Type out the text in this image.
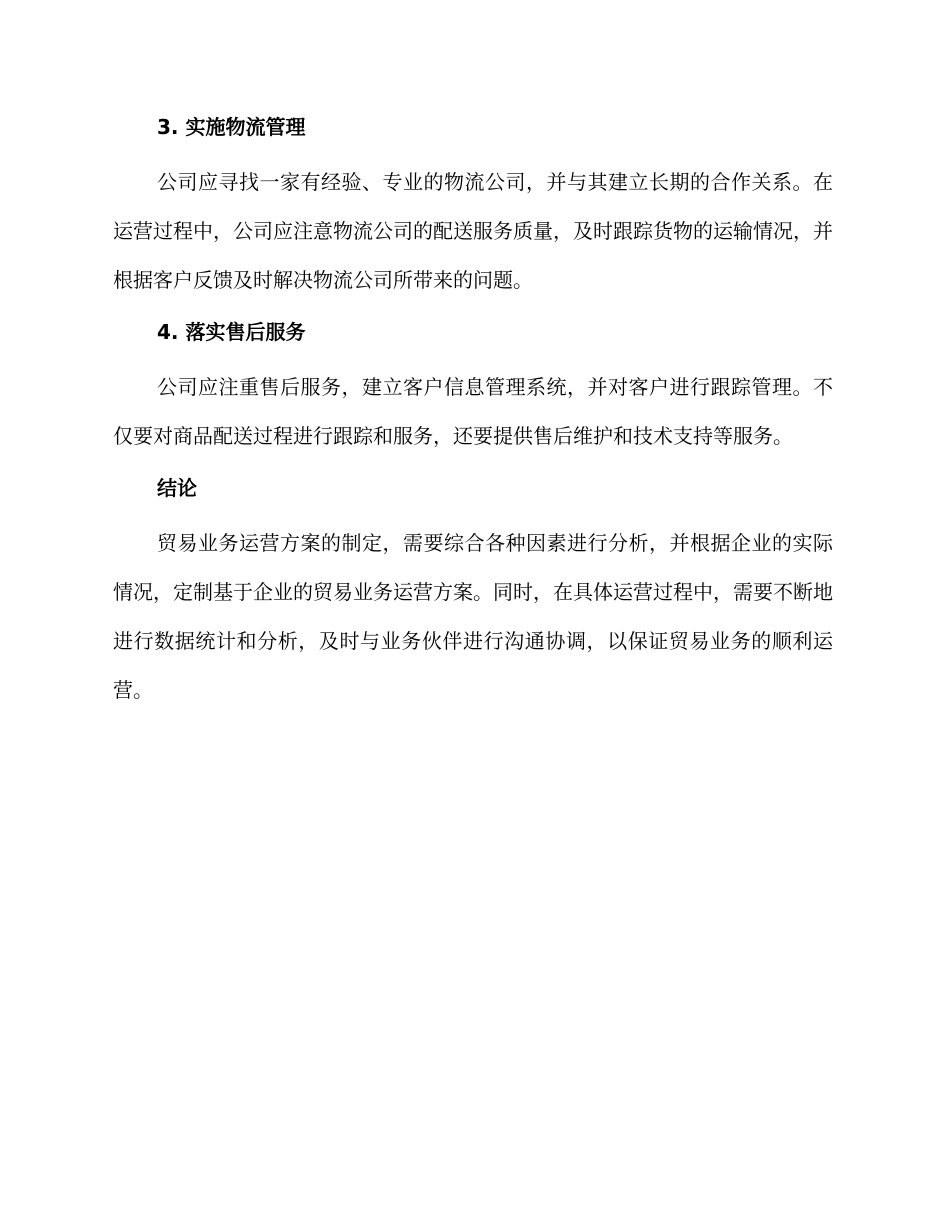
3. 实施物流管理

公司应寻找一家有经验、专业的物流公司，并与其建立长期的合作关系。在运营过程中，公司应注意物流公司的配送服务质量，及时跟踪货物的运输情况，并根据客户反馈及时解决物流公司所带来的问题。

4. 落实售后服务

公司应注重售后服务，建立客户信息管理系统，并对客户进行跟踪管理。不仅要对商品配送过程进行跟踪和服务，还要提供售后维护和技术支持等服务。

结论

贸易业务运营方案的制定，需要综合各种因素进行分析，并根据企业的实际情况，定制基于企业的贸易业务运营方案。同时，在具体运营过程中，需要不断地进行数据统计和分析，及时与业务伙伴进行沟通协调，以保证贸易业务的顺利运营。
